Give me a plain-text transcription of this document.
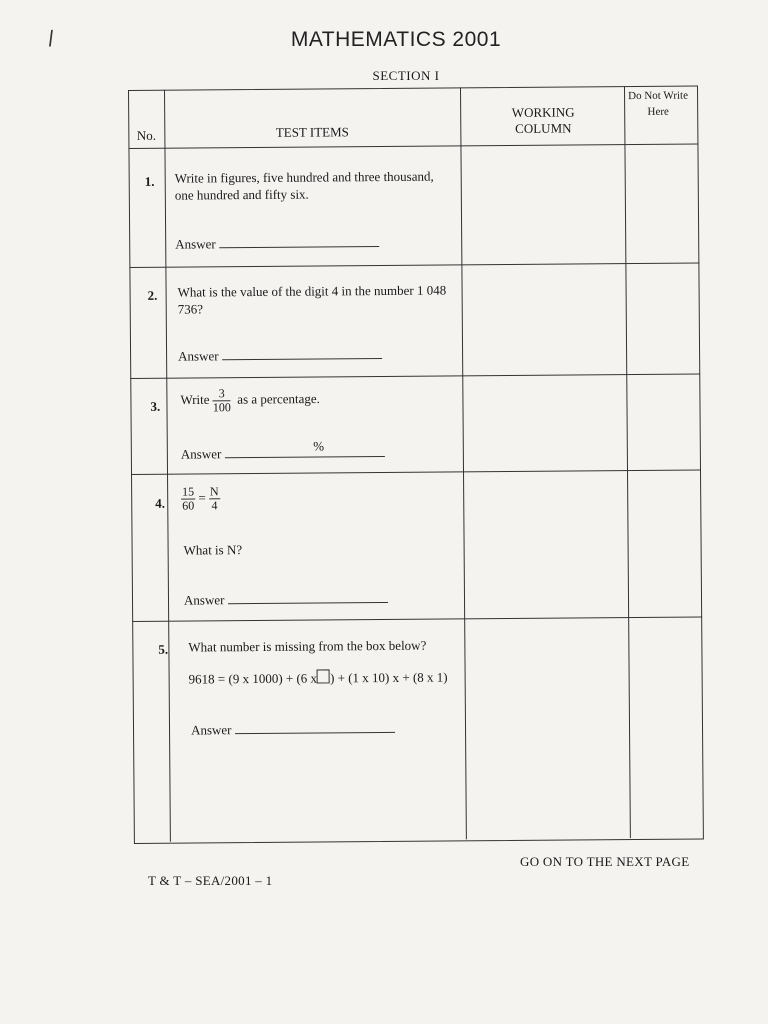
/	MATHEMATICS 2001
SECTION I
No.	TEST ITEMS
WORKING COLUMN
Do Not Write Here
1. Write in figures, five hundred and three thousand, one hundred and fifty six.
Answer
2. What is the value of the digit 4 in the number 1 048 736?
Answer
3. Write $\frac{3}{100}$ as a percentage.
Answer
%
4. $\frac{15}{60} = \frac{N}{4}$
What is N?
Answer
5. What number is missing from the box below?
9618 = (9 x 1000) + (6 x ) + (1 x 10) x + (8 x 1)
Answer
GO ON TO THE NEXT PAGE
T & T – SEA/2001 – 1
